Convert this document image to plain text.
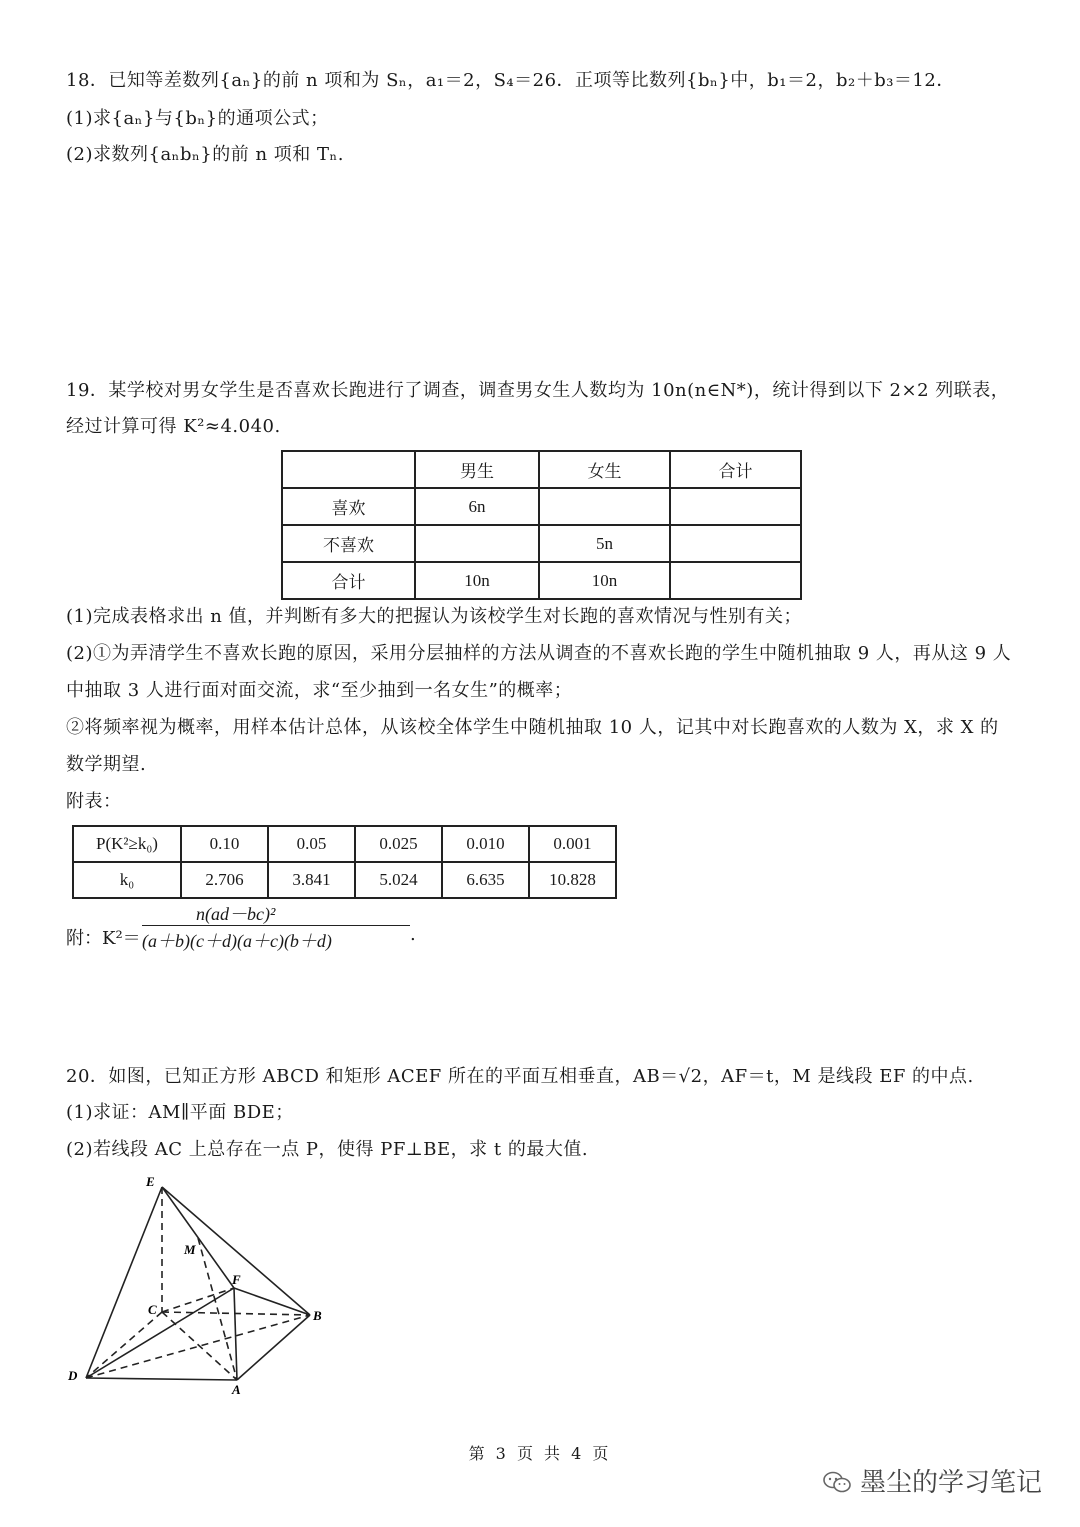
18．已知等差数列{aₙ}的前 n 项和为 Sₙ，a₁＝2，S₄＝26．正项等比数列{bₙ}中，b₁＝2，b₂＋b₃＝12．
(1)求{aₙ}与{bₙ}的通项公式；
(2)求数列{aₙbₙ}的前 n 项和 Tₙ.
19．某学校对男女学生是否喜欢长跑进行了调查，调查男女生人数均为 10n(n∈N*)，统计得到以下 2×2 列联表，
经过计算可得 K²≈4.040.
	男生	女生	合计
喜欢	6n		
不喜欢		5n	
合计	10n	10n	
(1)完成表格求出 n 值，并判断有多大的把握认为该校学生对长跑的喜欢情况与性别有关；
(2)①为弄清学生不喜欢长跑的原因，采用分层抽样的方法从调查的不喜欢长跑的学生中随机抽取 9 人，再从这 9 人
中抽取 3 人进行面对面交流，求“至少抽到一名女生”的概率；
②将频率视为概率，用样本估计总体，从该校全体学生中随机抽取 10 人，记其中对长跑喜欢的人数为 X，求 X 的
数学期望.
附表：
P(K²≥k₀)	0.10	0.05	0.025	0.010	0.001
k₀	2.706	3.841	5.024	6.635	10.828
附：K²＝
n(ad－bc)²
(a＋b)(c＋d)(a＋c)(b＋d)	.
20．如图，已知正方形 ABCD 和矩形 ACEF 所在的平面互相垂直，AB＝√2，AF＝t，M 是线段 EF 的中点.
(1)求证：AM∥平面 BDE；
(2)若线段 AC 上总存在一点 P，使得 PF⊥BE，求 t 的最大值.
E
M
F
C	B
D
A
第 3 页 共 4 页
墨尘的学习笔记
